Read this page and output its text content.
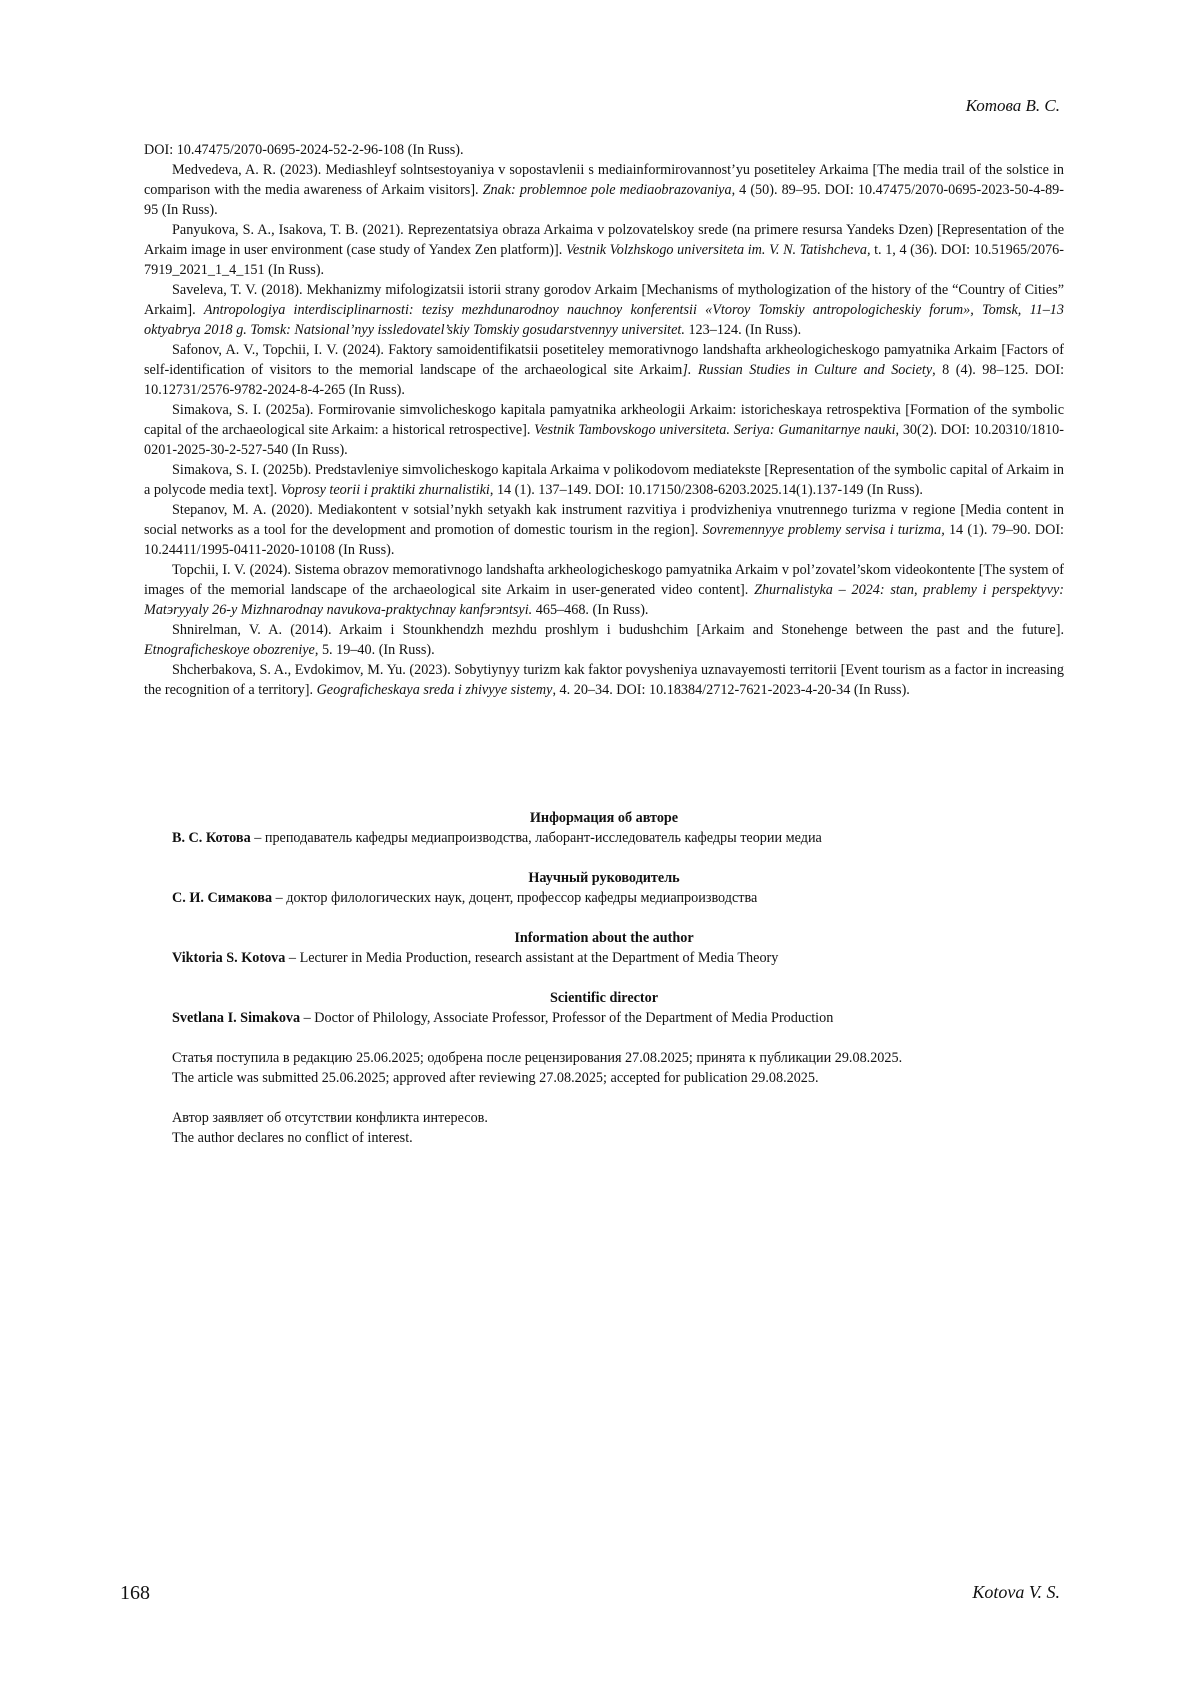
Котова В. С.

DOI: 10.47475/2070-0695-2024-52-2-96-108 (In Russ).

Medvedeva, A. R. (2023). Mediashleyf solntsestoyaniya v sopostavlenii s mediainformirovannost’yu posetiteley Arkaima [The media trail of the solstice in comparison with the media awareness of Arkaim visitors]. Znak: problemnoe pole mediaobrazovaniya, 4 (50). 89–95. DOI: 10.47475/2070-0695-2023-50-4-89-95 (In Russ).

Panyukova, S. A., Isakova, T. B. (2021). Reprezentatsiya obraza Arkaima v polzovatelskoy srede (na primere resursa Yandeks Dzen) [Representation of the Arkaim image in user environment (case study of Yandex Zen platform)]. Vestnik Volzhskogo universiteta im. V. N. Tatishcheva, t. 1, 4 (36). DOI: 10.51965/2076-7919_2021_1_4_151 (In Russ).

Saveleva, T. V. (2018). Mekhanizmy mifologizatsii istorii strany gorodov Arkaim [Mechanisms of mythologization of the history of the “Country of Cities” Arkaim]. Antropologiya interdisciplinarnosti: tezisy mezhdunarodnoy nauchnoy konferentsii «Vtoroy Tomskiy antropologicheskiy forum», Tomsk, 11–13 oktyabrya 2018 g. Tomsk: Natsional’nyy issledovatel’skiy Tomskiy gosudarstvennyy universitet. 123–124. (In Russ).

Safonov, A. V., Topchii, I. V. (2024). Faktory samoidentifikatsii posetiteley memorativnogo landshafta arkheologicheskogo pamyatnika Arkaim [Factors of self-identification of visitors to the memorial landscape of the archaeological site Arkaim]. Russian Studies in Culture and Society, 8 (4). 98–125. DOI: 10.12731/2576-9782-2024-8-4-265 (In Russ).

Simakova, S. I. (2025a). Formirovanie simvolicheskogo kapitala pamyatnika arkheologii Arkaim: istoricheskaya retrospektiva [Formation of the symbolic capital of the archaeological site Arkaim: a historical retrospective]. Vestnik Tambovskogo universiteta. Seriya: Gumanitarnye nauki, 30(2). DOI: 10.20310/1810-0201-2025-30-2-527-540 (In Russ).

Simakova, S. I. (2025b). Predstavleniye simvolicheskogo kapitala Arkaima v polikodovom mediatekste [Representation of the symbolic capital of Arkaim in a polycode media text]. Voprosy teorii i praktiki zhurnalistiki, 14 (1). 137–149. DOI: 10.17150/2308-6203.2025.14(1).137-149 (In Russ).

Stepanov, M. A. (2020). Mediakontent v sotsial’nykh setyakh kak instrument razvitiya i prodvizheniya vnutrennego turizma v regione [Media content in social networks as a tool for the development and promotion of domestic tourism in the region]. Sovremennyye problemy servisa i turizma, 14 (1). 79–90. DOI: 10.24411/1995-0411-2020-10108 (In Russ).

Topchii, I. V. (2024). Sistema obrazov memorativnogo landshafta arkheologicheskogo pamyatnika Arkaim v pol’zovatel’skom videokontente [The system of images of the memorial landscape of the archaeological site Arkaim in user-generated video content]. Zhurnalistyka – 2024: stan, prablemy i perspektyvy: Matэryyaly 26-y Mizhnarodnay navukova-praktychnay kanfэrэntsyi. 465–468. (In Russ).

Shnirelman, V. A. (2014). Arkaim i Stounkhendzh mezhdu proshlym i budushchim [Arkaim and Stonehenge between the past and the future]. Etnograficheskoye obozreniye, 5. 19–40. (In Russ).

Shcherbakova, S. A., Evdokimov, M. Yu. (2023). Sobytiynyy turizm kak faktor povysheniya uznavayemosti territorii [Event tourism as a factor in increasing the recognition of a territory]. Geograficheskaya sreda i zhivyye sistemy, 4. 20–34. DOI: 10.18384/2712-7621-2023-4-20-34 (In Russ).

Информация об авторе
В. С. Котова – преподаватель кафедры медиапроизводства, лаборант-исследователь кафедры теории медиа
Научный руководитель
С. И. Симакова – доктор филологических наук, доцент, профессор кафедры медиапроизводства
Information about the author
Viktoria S. Kotova – Lecturer in Media Production, research assistant at the Department of Media Theory
Scientific director
Svetlana I. Simakova – Doctor of Philology, Associate Professor, Professor of the Department of Media Production
Статья поступила в редакцию 25.06.2025; одобрена после рецензирования 27.08.2025; принята к публикации 29.08.2025.
The article was submitted 25.06.2025; approved after reviewing 27.08.2025; accepted for publication 29.08.2025.
Автор заявляет об отсутствии конфликта интересов.
The author declares no conflict of interest.
168	Kotova V. S.
